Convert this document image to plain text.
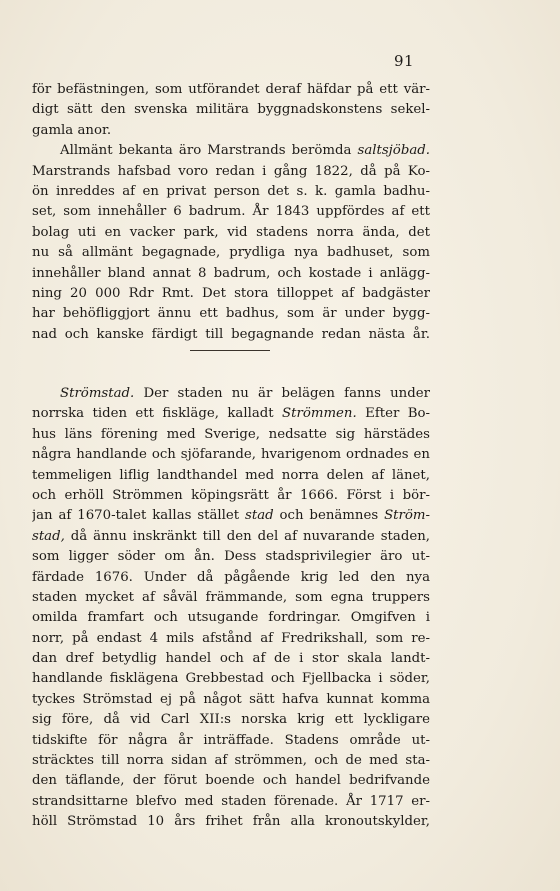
91
för befästningen, som utförandet deraf häfdar på ett vär-
digt sätt den svenska militära byggnadskonstens sekel-
gamla anor.
Allmänt bekanta äro Marstrands berömda saltsjöbad.
Marstrands hafsbad voro redan i gång 1822, då på Ko-
ön inreddes af en privat person det s. k. gamla badhu-
set, som innehåller 6 badrum. År 1843 uppfördes af ett
bolag uti en vacker park, vid stadens norra ända, det
nu så allmänt begagnade, prydliga nya badhuset, som
innehåller bland annat 8 badrum, och kostade i anlägg-
ning 20 000 Rdr Rmt. Det stora tilloppet af badgäster
har behöfliggjort ännu ett badhus, som är under bygg-
nad och kanske färdigt till begagnande redan nästa år.
Strömstad. Der staden nu är belägen fanns under
norrska tiden ett fiskläge, kalladt Strömmen. Efter Bo-
hus läns förening med Sverige, nedsatte sig härstädes
några handlande och sjöfarande, hvarigenom ordnades en
temmeligen liflig landthandel med norra delen af länet,
och erhöll Strömmen köpingsrätt år 1666. Först i bör-
jan af 1670-talet kallas stället stad och benämnes Ström-
stad, då ännu inskränkt till den del af nuvarande staden,
som ligger söder om ån. Dess stadsprivilegier äro ut-
färdade 1676. Under då pågående krig led den nya
staden mycket af såväl främmande, som egna truppers
omilda framfart och utsugande fordringar. Omgifven i
norr, på endast 4 mils afstånd af Fredrikshall, som re-
dan dref betydlig handel och af de i stor skala landt-
handlande fisklägena Grebbestad och Fjellbacka i söder,
tyckes Strömstad ej på något sätt hafva kunnat komma
sig före, då vid Carl XII:s norska krig ett lyckligare
tidskifte för några år inträffade. Stadens område ut-
sträcktes till norra sidan af strömmen, och de med sta-
den täflande, der förut boende och handel bedrifvande
strandsittarne blefvo med staden förenade. År 1717 er-
höll Strömstad 10 års frihet från alla kronoutskylder,
